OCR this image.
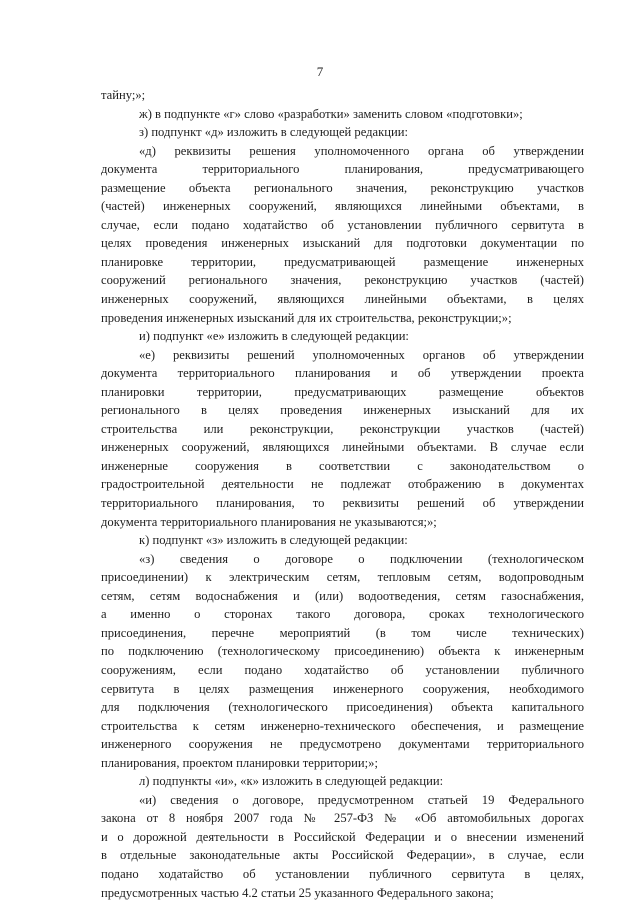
7
тайну;»;
ж) в подпункте «г» слово «разработки» заменить словом «подготовки»;
з) подпункт «д» изложить в следующей редакции:
«д) реквизиты решения уполномоченного органа об утверждении
документа территориального планирования, предусматривающего
размещение объекта регионального значения, реконструкцию участков
(частей) инженерных сооружений, являющихся линейными объектами, в
случае, если подано ходатайство об установлении публичного сервитута в
целях проведения инженерных изысканий для подготовки документации по
планировке территории, предусматривающей размещение инженерных
сооружений регионального значения, реконструкцию участков (частей)
инженерных сооружений, являющихся линейными объектами, в целях
проведения инженерных изысканий для их строительства, реконструкции;»;
и) подпункт «е» изложить в следующей редакции:
«е) реквизиты решений уполномоченных органов об утверждении
документа территориального планирования и об утверждении проекта
планировки территории, предусматривающих размещение объектов
регионального в целях проведения инженерных изысканий для их
строительства или реконструкции, реконструкции участков (частей)
инженерных сооружений, являющихся линейными объектами. В случае если
инженерные сооружения в соответствии с законодательством о
градостроительной деятельности не подлежат отображению в документах
территориального планирования, то реквизиты решений об утверждении
документа территориального планирования не указываются;»;
к) подпункт «з» изложить в следующей редакции:
«з) сведения о договоре о подключении (технологическом
присоединении) к электрическим сетям, тепловым сетям, водопроводным
сетям, сетям водоснабжения и (или) водоотведения, сетям газоснабжения,
а именно о сторонах такого договора, сроках технологического
присоединения, перечне мероприятий (в том числе технических)
по подключению (технологическому присоединению) объекта к инженерным
сооружениям, если подано ходатайство об установлении публичного
сервитута в целях размещения инженерного сооружения, необходимого
для подключения (технологического присоединения) объекта капитального
строительства к сетям инженерно-технического обеспечения, и размещение
инженерного сооружения не предусмотрено документами территориального
планирования, проектом планировки территории;»;
л) подпункты «и», «к» изложить в следующей редакции:
«и) сведения о договоре, предусмотренном статьей 19 Федерального
закона от 8 ноября 2007 года № 257-ФЗ № «Об автомобильных дорогах
и о дорожной деятельности в Российской Федерации и о внесении изменений
в отдельные законодательные акты Российской Федерации», в случае, если
подано ходатайство об установлении публичного сервитута в целях,
предусмотренных частью 4.2 статьи 25 указанного Федерального закона;
